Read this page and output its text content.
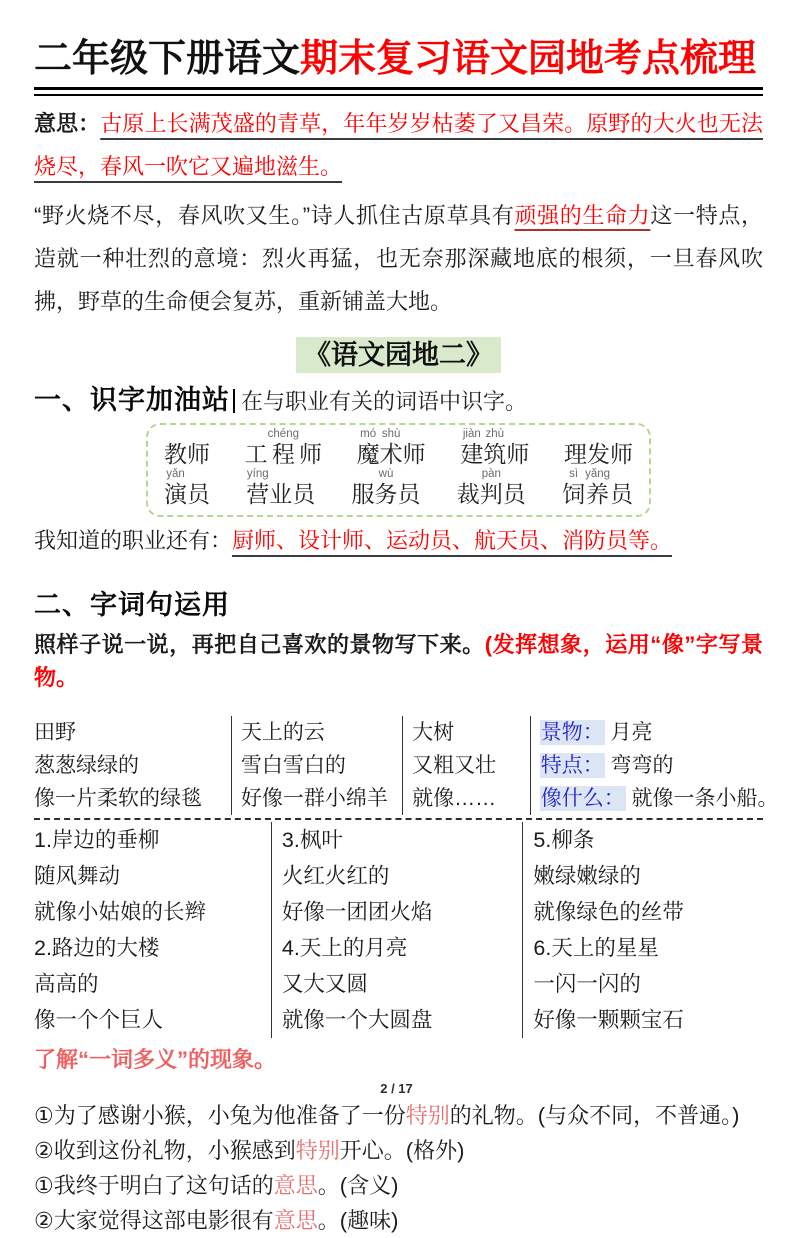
二年级下册语文期末复习语文园地考点梳理

意思：古原上长满茂盛的青草，年年岁岁枯萎了又昌荣。原野的大火也无法烧尽，春风一吹它又遍地滋生。

“野火烧不尽，春风吹又生。”诗人抓住古原草具有顽强的生命力这一特点，造就一种壮烈的意境：烈火再猛，也无奈那深藏地底的根须，一旦春风吹拂，野草的生命便会复苏，重新铺盖大地。

《语文园地二》
一、识字加油站 在与职业有关的词语中识字。

教
师
工
chéng
程
师
mó
魔
shù
术
师
jiàn
建
zhù
筑
师
理
发
师
yǎn
演
员
yíng
营
业
员
服
wù
务
员
裁
pàn
判
员
sì
饲
yǎng
养
员

我知道的职业还有：厨师、设计师、运动员、航天员、消防员等。

二、字词句运用

照样子说一说，再把自己喜欢的景物写下来。(发挥想象，运用“像”字写景物。

田野
葱葱绿绿的
像一片柔软的绿毯
天上的云
雪白雪白的
好像一群小绵羊
大树
又粗又壮
就像……
景物： 月亮
特点： 弯弯的
像什么： 就像一条小船。
1.岸边的垂柳
随风舞动
就像小姑娘的长辫
2.路边的大楼
高高的
像一个个巨人
3.枫叶
火红火红的
好像一团团火焰
4.天上的月亮
又大又圆
就像一个大圆盘
5.柳条
嫩绿嫩绿的
就像绿色的丝带
6.天上的星星
一闪一闪的
好像一颗颗宝石

了解“一词多义”的现象。

①为了感谢小猴，小兔为他准备了一份特别的礼物。(与众不同，不普通。)
②收到这份礼物，小猴感到特别开心。(格外)
①我终于明白了这句话的意思。(含义)
②大家觉得这部电影很有意思。(趣味)
2 / 17
